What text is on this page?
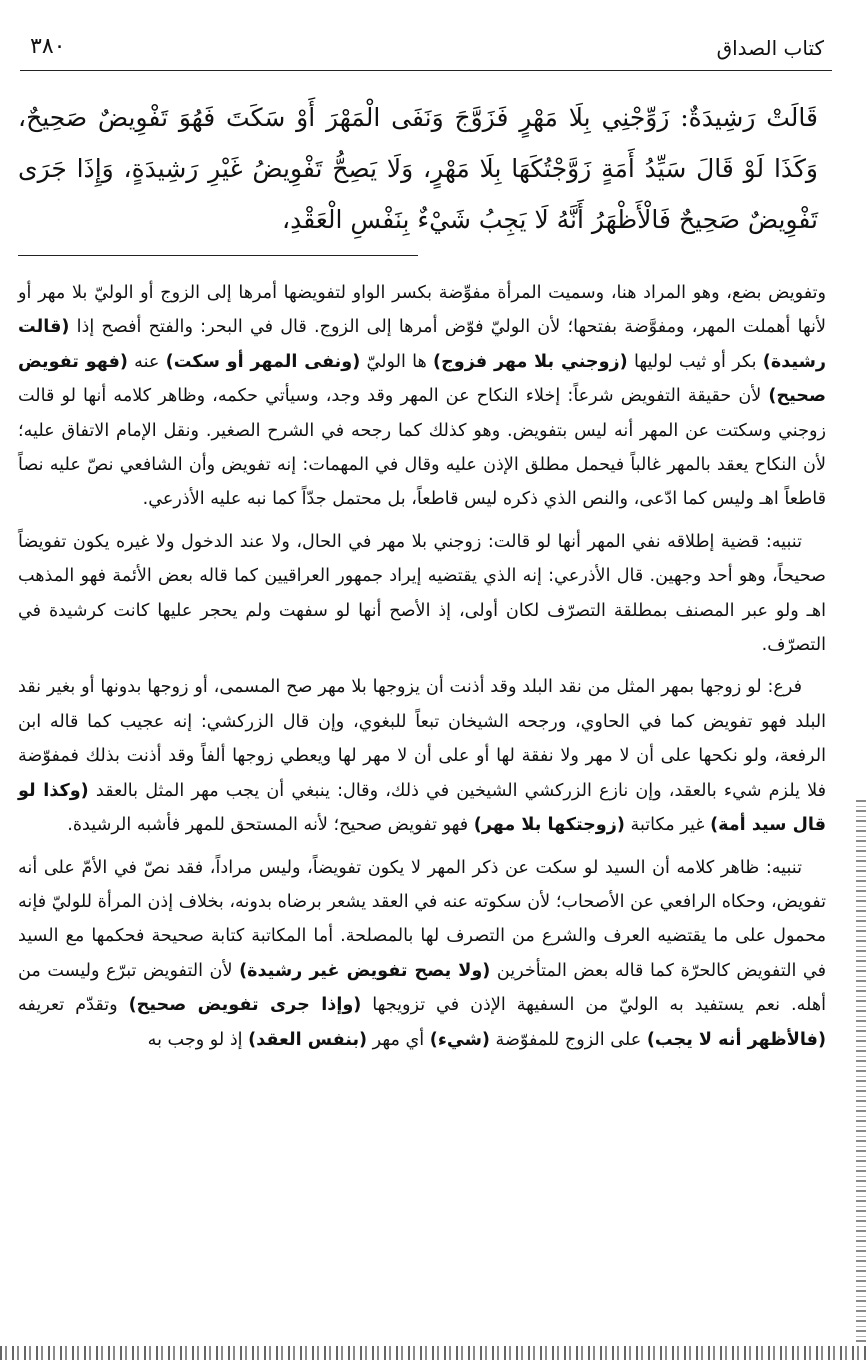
كتاب الصداق
٣٨٠

قَالَتْ رَشِيدَةٌ: زَوِّجْنِي بِلَا مَهْرٍ فَزَوَّجَ وَنَفَى الْمَهْرَ أَوْ سَكَتَ فَهُوَ تَفْوِيضٌ صَحِيحٌ، وَكَذَا لَوْ قَالَ سَيِّدُ أَمَةٍ زَوَّجْتُكَهَا بِلَا مَهْرٍ، وَلَا يَصِحُّ تَفْوِيضُ غَيْرِ رَشِيدَةٍ، وَإِذَا جَرَى تَفْوِيضٌ صَحِيحٌ فَالْأَظْهَرُ أَنَّهُ لَا يَجِبُ شَيْءٌ بِنَفْسِ الْعَقْدِ،

وتفويض بضع، وهو المراد هنا، وسميت المرأة مفوِّضة بكسر الواو لتفويضها أمرها إلى الزوج أو الوليّ بلا مهر أو لأنها أهملت المهر، ومفوَّضة بفتحها؛ لأن الوليّ فوّض أمرها إلى الزوج. قال في البحر: والفتح أفصح إذا (قالت رشيدة) بكر أو ثيب لوليها (زوجني بلا مهر فزوج) ها الوليّ (ونفى المهر أو سكت) عنه (فهو تفويض صحيح) لأن حقيقة التفويض شرعاً: إخلاء النكاح عن المهر وقد وجد، وسيأتي حكمه، وظاهر كلامه أنها لو قالت زوجني وسكتت عن المهر أنه ليس بتفويض. وهو كذلك كما رجحه في الشرح الصغير. ونقل الإمام الاتفاق عليه؛ لأن النكاح يعقد بالمهر غالباً فيحمل مطلق الإذن عليه وقال في المهمات: إنه تفويض وأن الشافعي نصّ عليه نصاً قاطعاً اهـ وليس كما ادّعى، والنص الذي ذكره ليس قاطعاً، بل محتمل جدّاً كما نبه عليه الأذرعي.

تنبيه: قضية إطلاقه نفي المهر أنها لو قالت: زوجني بلا مهر في الحال، ولا عند الدخول ولا غيره يكون تفويضاً صحيحاً، وهو أحد وجهين. قال الأذرعي: إنه الذي يقتضيه إيراد جمهور العراقيين كما قاله بعض الأئمة فهو المذهب اهـ ولو عبر المصنف بمطلقة التصرّف لكان أولى، إذ الأصح أنها لو سفهت ولم يحجر عليها كانت كرشيدة في التصرّف.

فرع: لو زوجها بمهر المثل من نقد البلد وقد أذنت أن يزوجها بلا مهر صح المسمى، أو زوجها بدونها أو بغير نقد البلد فهو تفويض كما في الحاوي، ورجحه الشيخان تبعاً للبغوي، وإن قال الزركشي: إنه عجيب كما قاله ابن الرفعة، ولو نكحها على أن لا مهر ولا نفقة لها أو على أن لا مهر لها ويعطي زوجها ألفاً وقد أذنت بذلك فمفوّضة فلا يلزم شيء بالعقد، وإن نازع الزركشي الشيخين في ذلك، وقال: ينبغي أن يجب مهر المثل بالعقد (وكذا لو قال سيد أمة) غير مكاتبة (زوجتكها بلا مهر) فهو تفويض صحيح؛ لأنه المستحق للمهر فأشبه الرشيدة.

تنبيه: ظاهر كلامه أن السيد لو سكت عن ذكر المهر لا يكون تفويضاً، وليس مراداً، فقد نصّ في الأمّ على أنه تفويض، وحكاه الرافعي عن الأصحاب؛ لأن سكوته عنه في العقد يشعر برضاه بدونه، بخلاف إذن المرأة للوليّ فإنه محمول على ما يقتضيه العرف والشرع من التصرف لها بالمصلحة. أما المكاتبة كتابة صحيحة فحكمها مع السيد في التفويض كالحرّة كما قاله بعض المتأخرين (ولا يصح تفويض غير رشيدة) لأن التفويض تبرّع وليست من أهله. نعم يستفيد به الوليّ من السفيهة الإذن في تزويجها (وإذا جرى تفويض صحيح) وتقدّم تعريفه (فالأظهر أنه لا يجب) على الزوج للمفوّضة (شيء) أي مهر (بنفس العقد) إذ لو وجب به
